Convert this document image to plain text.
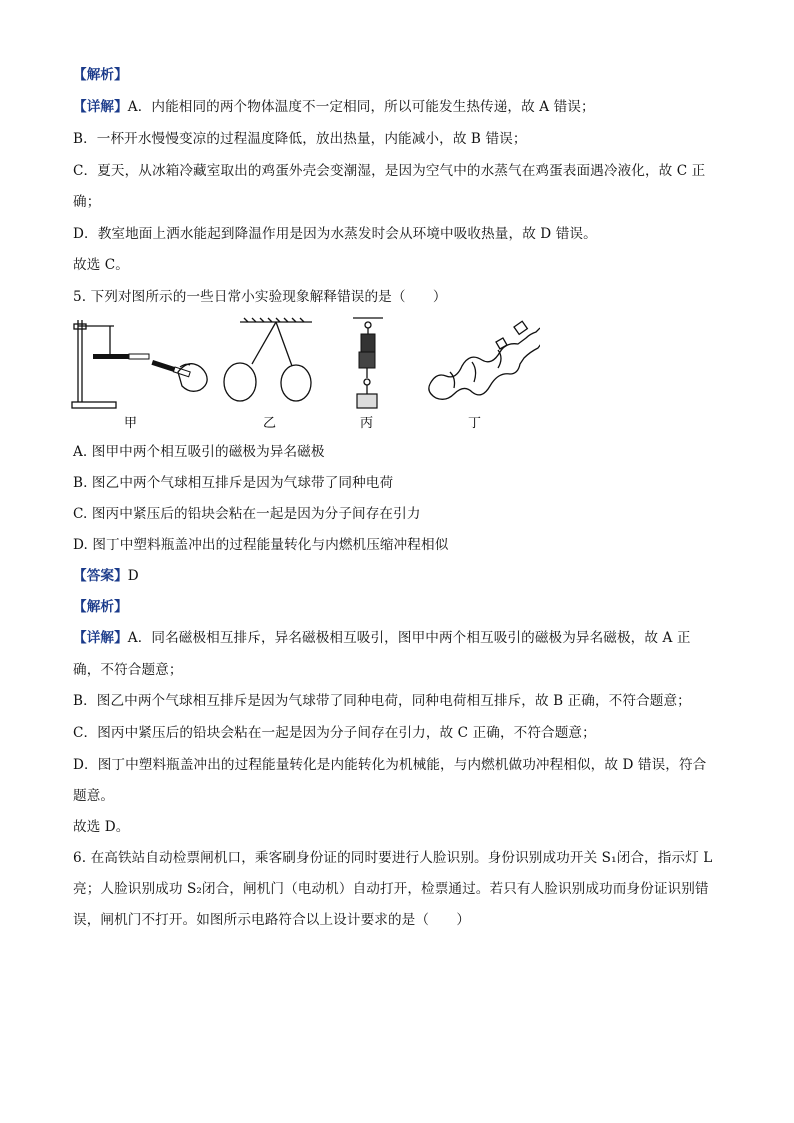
【解析】
【详解】A．内能相同的两个物体温度不一定相同，所以可能发生热传递，故 A 错误；
B．一杯开水慢慢变凉的过程温度降低，放出热量，内能减小，故 B 错误；
C．夏天，从冰箱冷藏室取出的鸡蛋外壳会变潮湿，是因为空气中的水蒸气在鸡蛋表面遇冷液化，故 C 正
确；
D．教室地面上洒水能起到降温作用是因为水蒸发时会从环境中吸收热量，故 D 错误。
故选 C。
5. 下列对图所示的一些日常小实验现象解释错误的是（　　）
甲	乙	丙	丁
A. 图甲中两个相互吸引的磁极为异名磁极
B. 图乙中两个气球相互排斥是因为气球带了同种电荷
C. 图丙中紧压后的铅块会粘在一起是因为分子间存在引力
D. 图丁中塑料瓶盖冲出的过程能量转化与内燃机压缩冲程相似
【答案】D
【解析】
【详解】A．同名磁极相互排斥，异名磁极相互吸引，图甲中两个相互吸引的磁极为异名磁极，故 A 正
确，不符合题意；
B．图乙中两个气球相互排斥是因为气球带了同种电荷，同种电荷相互排斥，故 B 正确，不符合题意；
C．图丙中紧压后的铅块会粘在一起是因为分子间存在引力，故 C 正确，不符合题意；
D．图丁中塑料瓶盖冲出的过程能量转化是内能转化为机械能，与内燃机做功冲程相似，故 D 错误，符合
题意。
故选 D。
6. 在高铁站自动检票闸机口，乘客刷身份证的同时要进行人脸识别。身份识别成功开关 S₁闭合，指示灯 L
亮；人脸识别成功 S₂闭合，闸机门（电动机）自动打开，检票通过。若只有人脸识别成功而身份证识别错
误，闸机门不打开。如图所示电路符合以上设计要求的是（　　）
